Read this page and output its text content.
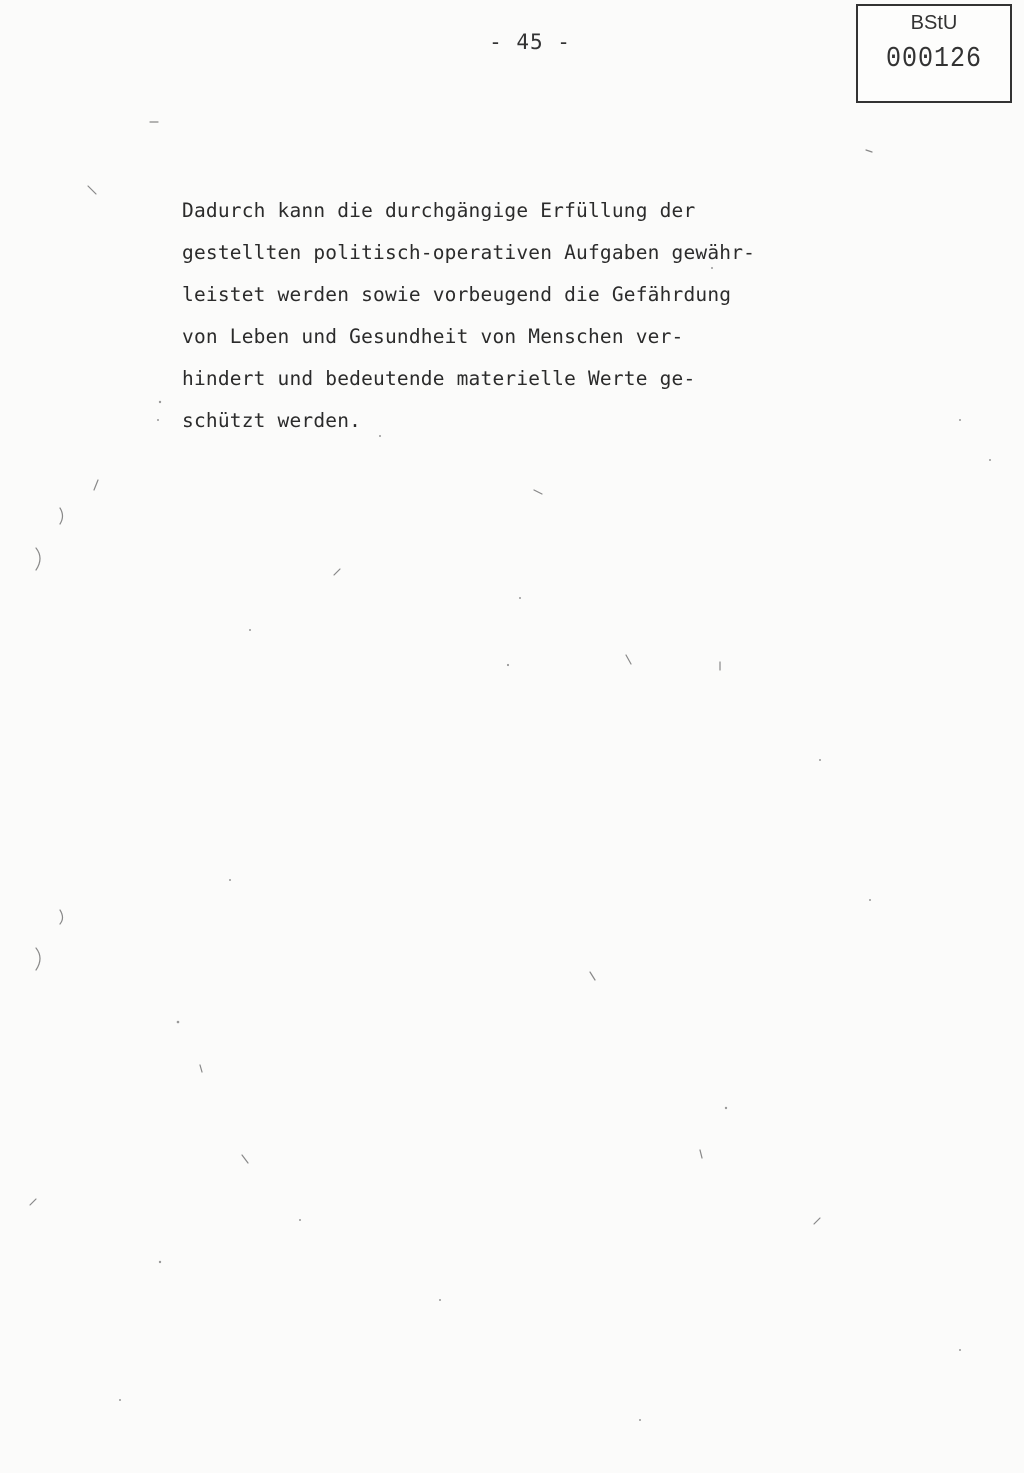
- 45 -
BStU
000126
Dadurch kann die durchgängige Erfüllung der
gestellten politisch-operativen Aufgaben gewähr-
leistet werden sowie vorbeugend die Gefährdung
von Leben und Gesundheit von Menschen ver-
hindert und bedeutende materielle Werte ge-
schützt werden.
